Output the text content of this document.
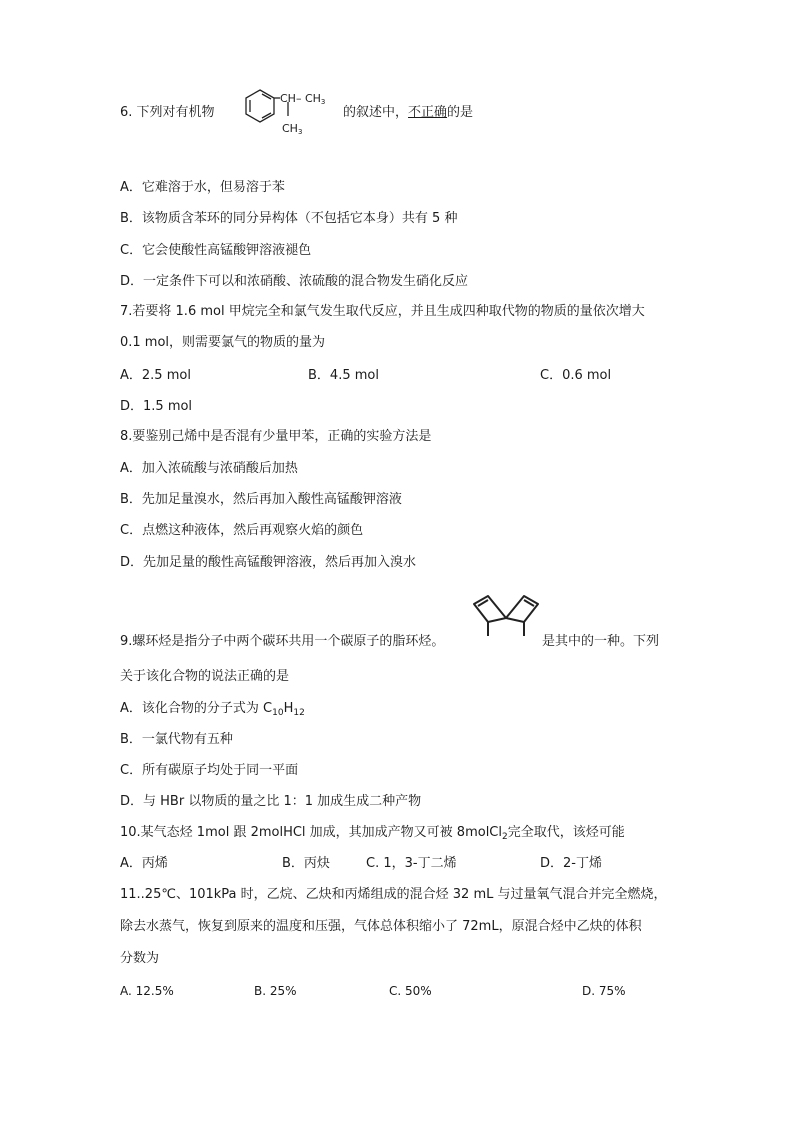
6. 下列对有机物
CH– CH3
CH3
的叙述中，不正确的是
A．它难溶于水，但易溶于苯
B．该物质含苯环的同分异构体（不包括它本身）共有 5 种
C．它会使酸性高锰酸钾溶液褪色
D．一定条件下可以和浓硝酸、浓硫酸的混合物发生硝化反应
7.若要将 1.6 mol 甲烷完全和氯气发生取代反应，并且生成四种取代物的物质的量依次增大
0.1 mol，则需要氯气的物质的量为
A．2.5 mol	B．4.5 mol	C．0.6 mol
D．1.5 mol
8.要鉴别己烯中是否混有少量甲苯，正确的实验方法是
A．加入浓硫酸与浓硝酸后加热
B．先加足量溴水，然后再加入酸性高锰酸钾溶液
C．点燃这种液体，然后再观察火焰的颜色
D．先加足量的酸性高锰酸钾溶液，然后再加入溴水
9.螺环烃是指分子中两个碳环共用一个碳原子的脂环烃。	是其中的一种。下列
关于该化合物的说法正确的是
A．该化合物的分子式为 $C_{10}H_{12}$
B．一氯代物有五种
C．所有碳原子均处于同一平面
D．与 HBr 以物质的量之比 1：1 加成生成二种产物
10.某气态烃 1mol 跟 2molHCl 加成，其加成产物又可被 8molCl$_2$完全取代，该烃可能
A．丙烯	B．丙炔	C. 1，3-丁二烯	D．2-丁烯
11..25℃、101kPa 时，乙烷、乙炔和丙烯组成的混合烃 32 mL 与过量氧气混合并完全燃烧，
除去水蒸气，恢复到原来的温度和压强，气体总体积缩小了 72mL，原混合烃中乙炔的体积
分数为
A. 12.5%	B. 25%	C. 50%	D. 75%
